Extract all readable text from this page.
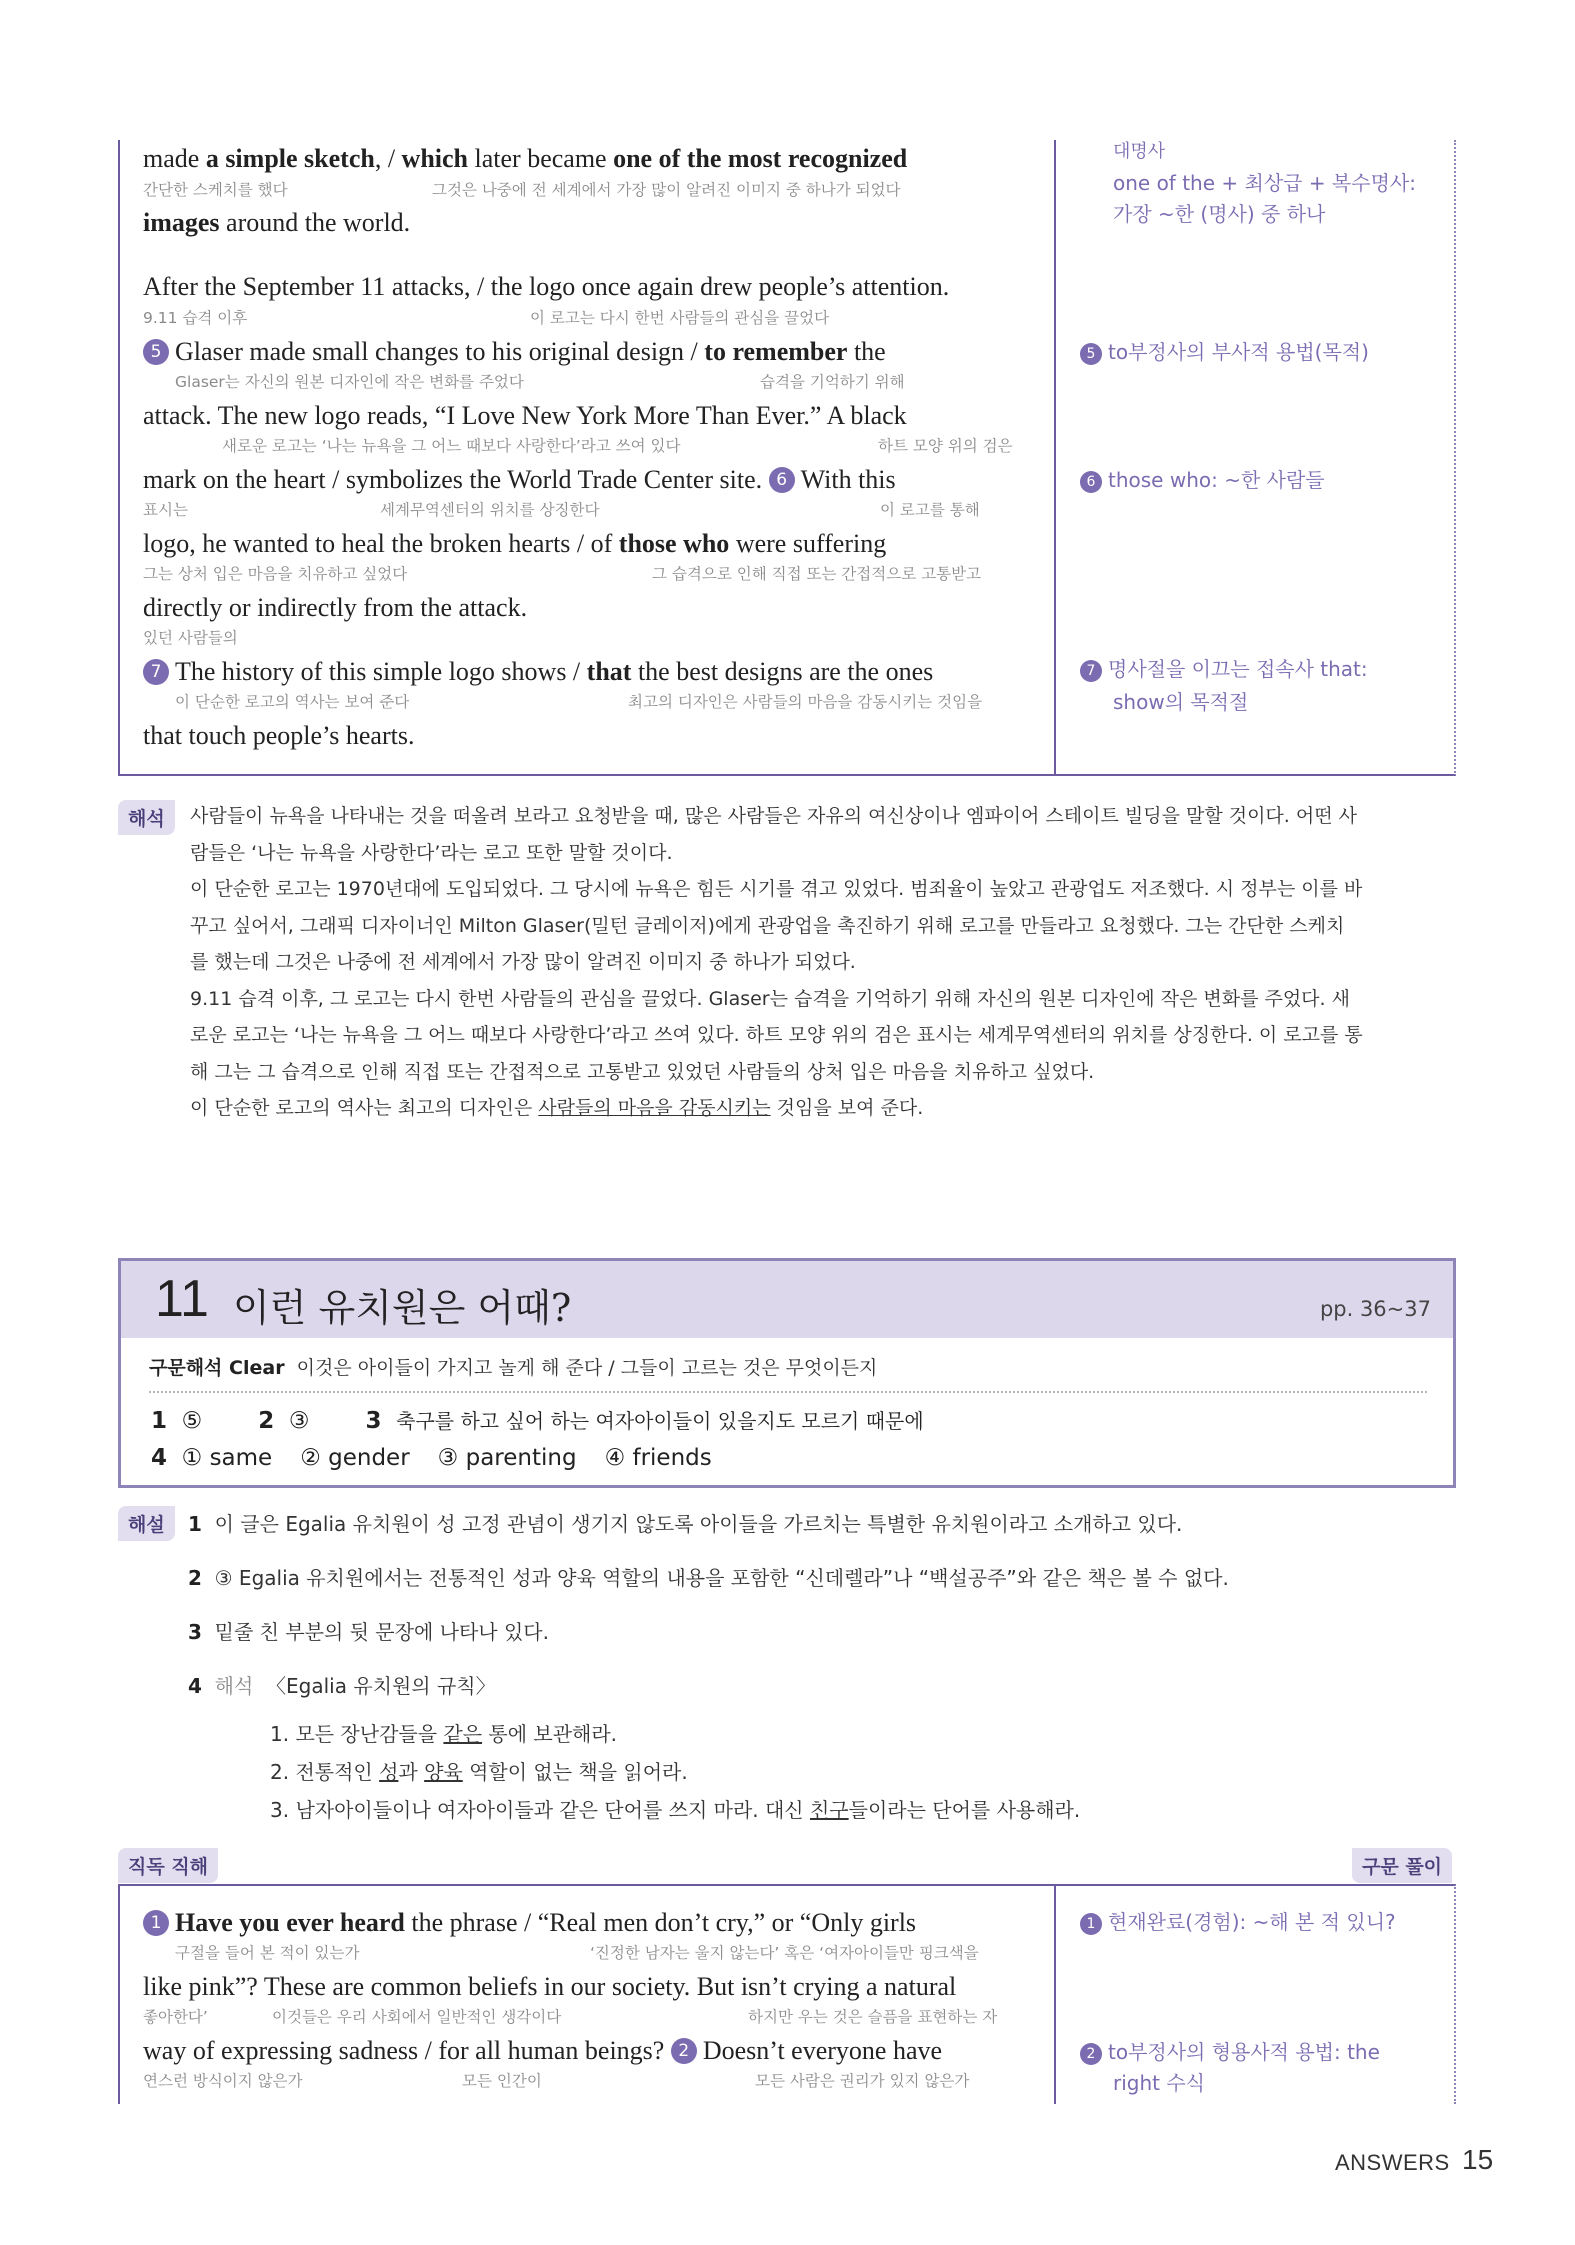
made a simple sketch, / which later became one of the most recognized
간단한 스케치를 했다	그것은 나중에 전 세계에서 가장 많이 알려진 이미지 중 하나가 되었다
images around the world.
After the September 11 attacks, / the logo once again drew people’s attention.
9.11 습격 이후	이 로고는 다시 한번 사람들의 관심을 끌었다
5 Glaser made small changes to his original design / to remember the
Glaser는 자신의 원본 디자인에 작은 변화를 주었다	습격을 기억하기 위해
attack. The new logo reads, “I Love New York More Than Ever.” A black
새로운 로고는 ‘나는 뉴욕을 그 어느 때보다 사랑한다’라고 쓰여 있다	하트 모양 위의 검은
mark on the heart / symbolizes the World Trade Center site. 6 With this
표시는	세계무역센터의 위치를 상징한다	이 로고를 통해
logo, he wanted to heal the broken hearts / of those who were suffering
그는 상처 입은 마음을 치유하고 싶었다	그 습격으로 인해 직접 또는 간접적으로 고통받고
directly or indirectly from the attack.
있던 사람들의
7 The history of this simple logo shows / that the best designs are the ones
이 단순한 로고의 역사는 보여 준다	최고의 디자인은 사람들의 마음을 감동시키는 것임을
that touch people’s hearts.
대명사
one of the + 최상급 + 복수명사:
가장 ~한 (명사) 중 하나
5 to부정사의 부사적 용법(목적)
6 those who: ~한 사람들
7 명사절을 이끄는 접속사 that:
show의 목적절
해석	사람들이 뉴욕을 나타내는 것을 떠올려 보라고 요청받을 때, 많은 사람들은 자유의 여신상이나 엠파이어 스테이트 빌딩을 말할 것이다. 어떤 사

람들은 ‘나는 뉴욕을 사랑한다’라는 로고 또한 말할 것이다.

이 단순한 로고는 1970년대에 도입되었다. 그 당시에 뉴욕은 힘든 시기를 겪고 있었다. 범죄율이 높았고 관광업도 저조했다. 시 정부는 이를 바

꾸고 싶어서, 그래픽 디자이너인 Milton Glaser(밀턴 글레이저)에게 관광업을 촉진하기 위해 로고를 만들라고 요청했다. 그는 간단한 스케치

를 했는데 그것은 나중에 전 세계에서 가장 많이 알려진 이미지 중 하나가 되었다.

9.11 습격 이후, 그 로고는 다시 한번 사람들의 관심을 끌었다. Glaser는 습격을 기억하기 위해 자신의 원본 디자인에 작은 변화를 주었다. 새

로운 로고는 ‘나는 뉴욕을 그 어느 때보다 사랑한다’라고 쓰여 있다. 하트 모양 위의 검은 표시는 세계무역센터의 위치를 상징한다. 이 로고를 통

해 그는 그 습격으로 인해 직접 또는 간접적으로 고통받고 있었던 사람들의 상처 입은 마음을 치유하고 싶었다.

이 단순한 로고의 역사는 최고의 디자인은 사람들의 마음을 감동시키는 것임을 보여 준다.

11 이런 유치원은 어때?	pp. 36~37
구문해석 Clear 이것은 아이들이 가지고 놀게 해 준다 / 그들이 고르는 것은 무엇이든지
1 ⑤ 2 ③ 3 축구를 하고 싶어 하는 여자아이들이 있을지도 모르기 때문에
4 ① same ② gender ③ parenting ④ friends
해설	1 이 글은 Egalia 유치원이 성 고정 관념이 생기지 않도록 아이들을 가르치는 특별한 유치원이라고 소개하고 있다.
2 ③ Egalia 유치원에서는 전통적인 성과 양육 역할의 내용을 포함한 “신데렐라”나 “백설공주”와 같은 책은 볼 수 없다.
3 밑줄 친 부분의 뒷 문장에 나타나 있다.
4 해석 〈Egalia 유치원의 규칙〉
1. 모든 장난감들을 같은 통에 보관해라.
2. 전통적인 성과 양육 역할이 없는 책을 읽어라.
3. 남자아이들이나 여자아이들과 같은 단어를 쓰지 마라. 대신 친구들이라는 단어를 사용해라.
직독 직해	구문 풀이
1 Have you ever heard the phrase / “Real men don’t cry,” or “Only girls
구절을 들어 본 적이 있는가	‘진정한 남자는 울지 않는다’ 혹은 ‘여자아이들만 핑크색을
like pink”? These are common beliefs in our society. But isn’t crying a natural
좋아한다’	이것들은 우리 사회에서 일반적인 생각이다	하지만 우는 것은 슬픔을 표현하는 자
way of expressing sadness / for all human beings? 2 Doesn’t everyone have
연스런 방식이지 않은가	모든 인간이	모든 사람은 권리가 있지 않은가
1 현재완료(경험): ~해 본 적 있니?
2 to부정사의 형용사적 용법: the
right 수식
ANSWERS 15
